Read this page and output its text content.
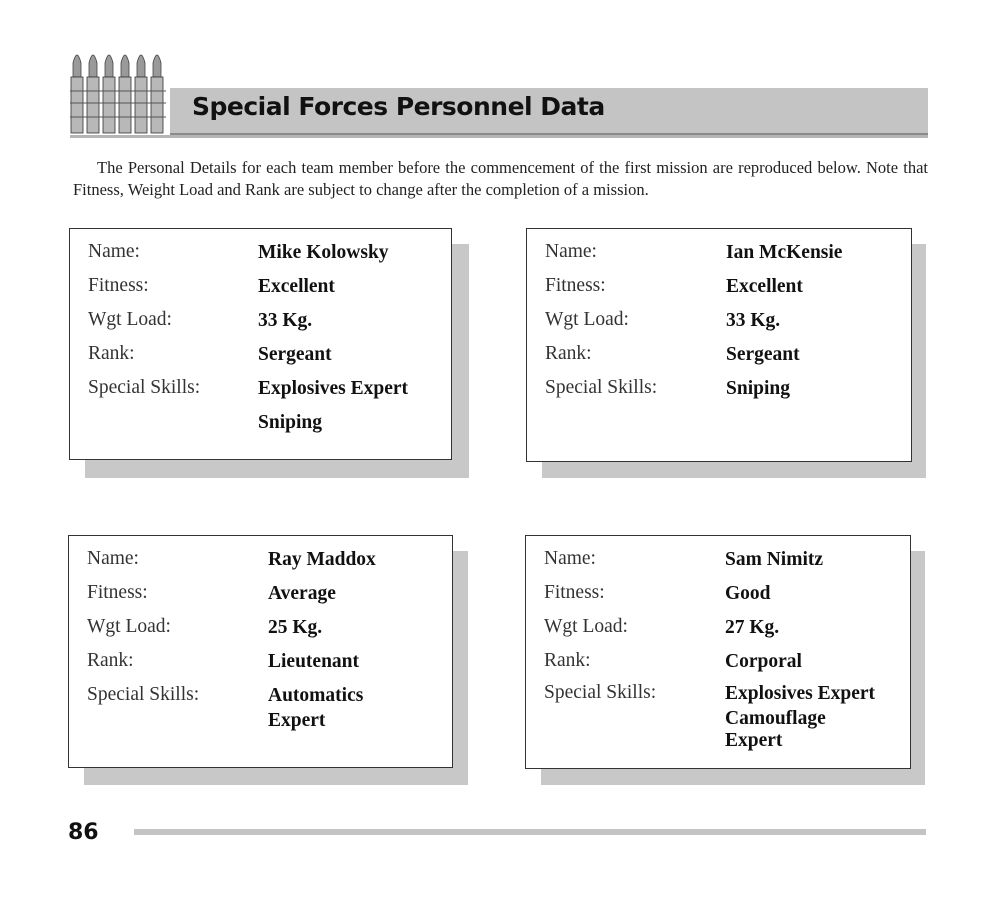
Special Forces Personnel Data

The Personal Details for each team member before the commencement of the first mission are reproduced below. Note that Fitness, Weight Load and Rank are subject to change after the completion of a mission.

Name:	Mike Kolowsky
Fitness:	Excellent
Wgt Load:	33 Kg.
Rank:	Sergeant
Special Skills:	Explosives Expert
Sniping
Name:	Ian McKensie
Fitness:	Excellent
Wgt Load:	33 Kg.
Rank:	Sergeant
Special Skills:	Sniping
Name:	Ray Maddox
Fitness:	Average
Wgt Load:	25 Kg.
Rank:	Lieutenant
Special Skills:	Automatics
Expert
Name:	Sam Nimitz
Fitness:	Good
Wgt Load:	27 Kg.
Rank:	Corporal
Special Skills:	Explosives Expert
Camouflage
Expert
86
